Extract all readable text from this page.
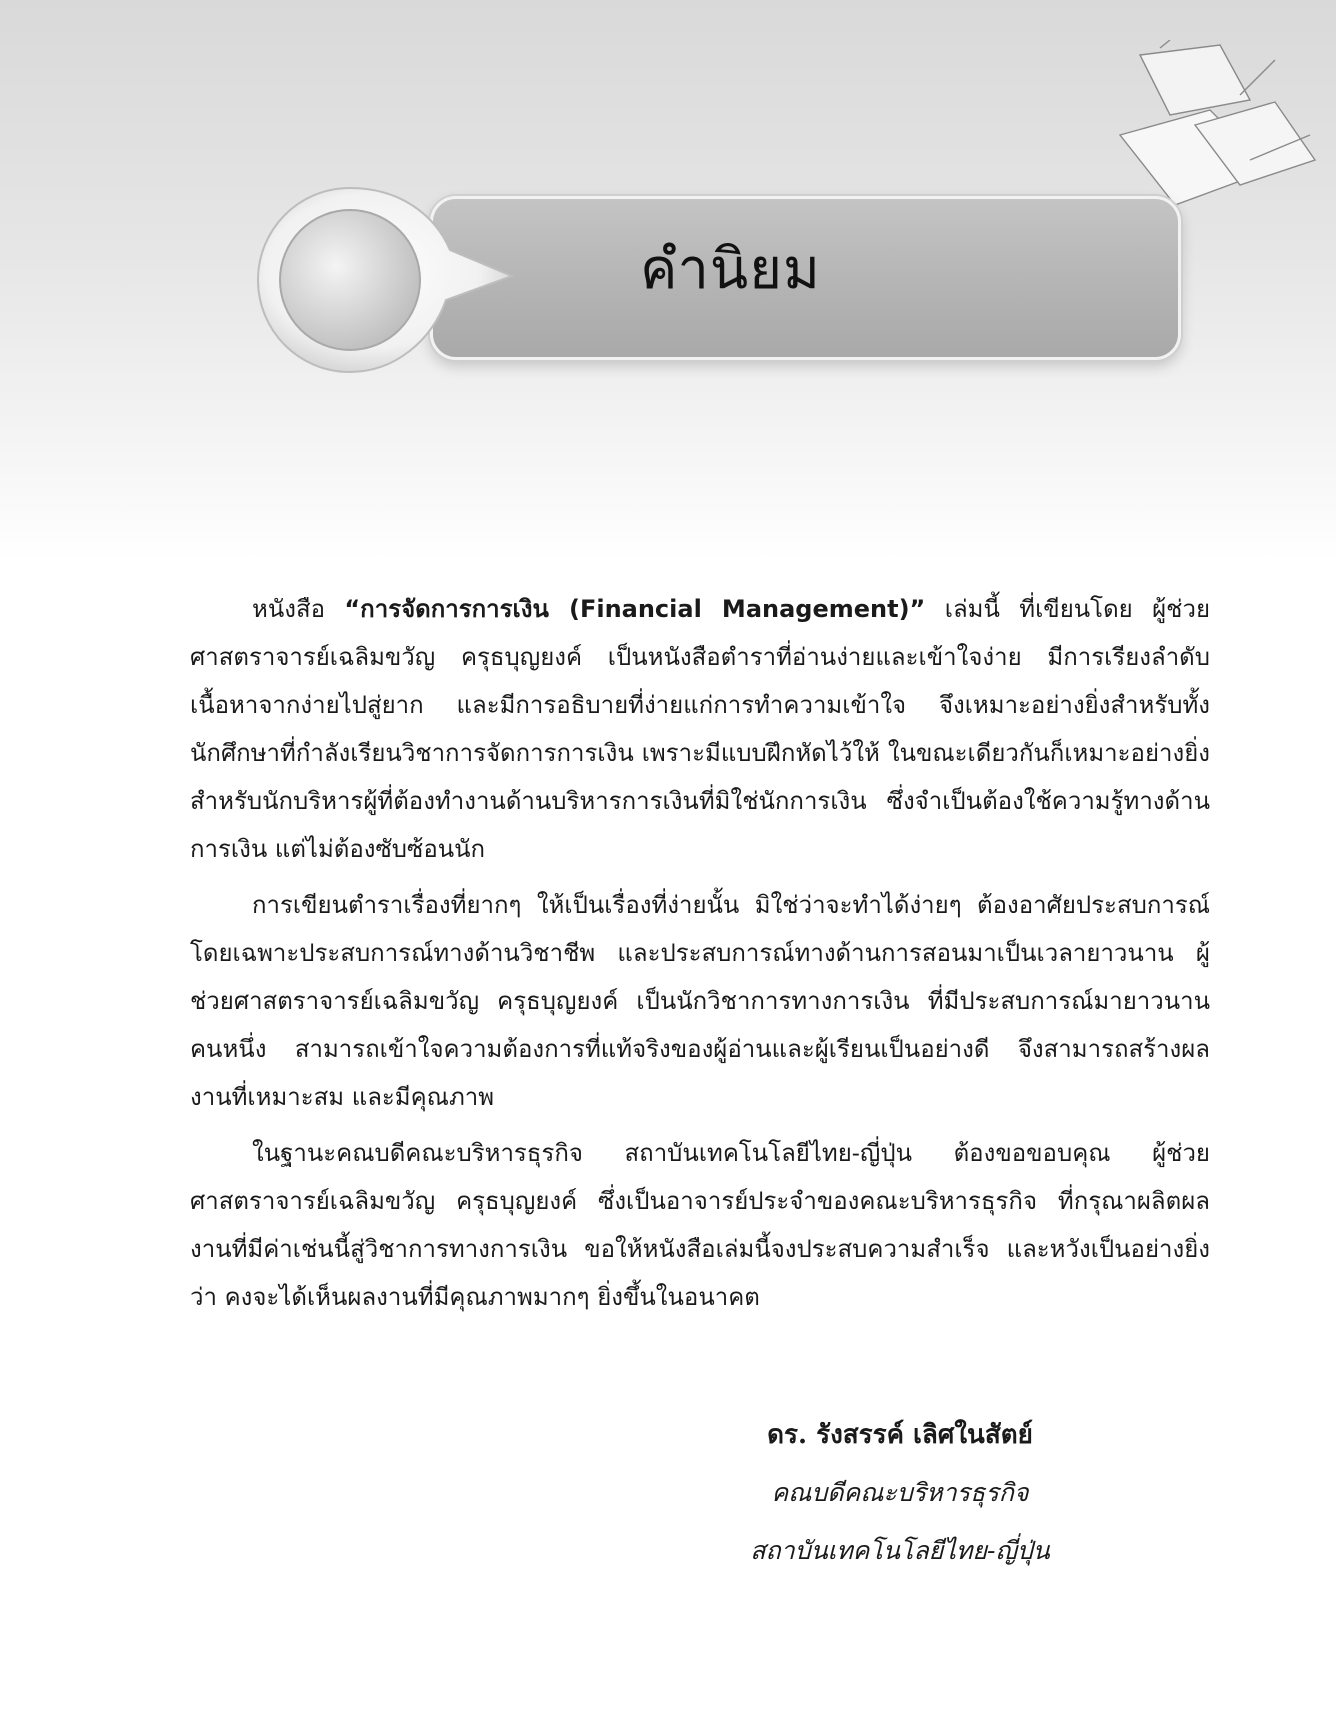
คำนิยม

หนังสือ “การจัดการการเงิน (Financial Management)” เล่มนี้ ที่เขียนโดย ผู้ช่วยศาสตราจารย์เฉลิมขวัญ ครุธบุญยงค์ เป็นหนังสือตำราที่อ่านง่ายและเข้าใจง่าย มีการเรียงลำดับเนื้อหาจากง่ายไปสู่ยาก และมีการอธิบายที่ง่ายแก่การทำความเข้าใจ จึงเหมาะอย่างยิ่งสำหรับทั้งนักศึกษาที่กำลังเรียนวิชาการจัดการการเงิน เพราะมีแบบฝึกหัดไว้ให้ ในขณะเดียวกันก็เหมาะอย่างยิ่งสำหรับนักบริหารผู้ที่ต้องทำงานด้านบริหารการเงินที่มิใช่นักการเงิน ซึ่งจำเป็นต้องใช้ความรู้ทางด้านการเงิน แต่ไม่ต้องซับซ้อนนัก

การเขียนตำราเรื่องที่ยากๆ ให้เป็นเรื่องที่ง่ายนั้น มิใช่ว่าจะทำได้ง่ายๆ ต้องอาศัยประสบการณ์โดยเฉพาะประสบการณ์ทางด้านวิชาชีพ และประสบการณ์ทางด้านการสอนมาเป็นเวลายาวนาน ผู้ช่วยศาสตราจารย์เฉลิมขวัญ ครุธบุญยงค์ เป็นนักวิชาการทางการเงิน ที่มีประสบการณ์มายาวนานคนหนึ่ง สามารถเข้าใจความต้องการที่แท้จริงของผู้อ่านและผู้เรียนเป็นอย่างดี จึงสามารถสร้างผลงานที่เหมาะสม และมีคุณภาพ

ในฐานะคณบดีคณะบริหารธุรกิจ สถาบันเทคโนโลยีไทย-ญี่ปุ่น ต้องขอขอบคุณ ผู้ช่วยศาสตราจารย์เฉลิมขวัญ ครุธบุญยงค์ ซึ่งเป็นอาจารย์ประจำของคณะบริหารธุรกิจ ที่กรุณาผลิตผลงานที่มีค่าเช่นนี้สู่วิชาการทางการเงิน ขอให้หนังสือเล่มนี้จงประสบความสำเร็จ และหวังเป็นอย่างยิ่งว่า คงจะได้เห็นผลงานที่มีคุณภาพมากๆ ยิ่งขึ้นในอนาคต

ดร. รังสรรค์ เลิศในสัตย์
คณบดีคณะบริหารธุรกิจ
สถาบันเทคโนโลยีไทย-ญี่ปุ่น
